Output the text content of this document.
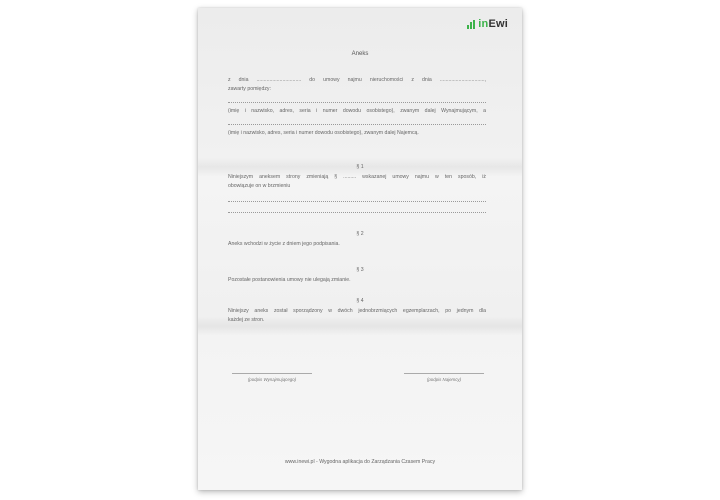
inEwi
Aneks
z dnia ............................... do umowy najmu nieruchomości z dnia ...............................,
zawarty pomiędzy:
(imię i nazwisko, adres, seria i numer dowodu osobistego), zwanym dalej Wynajmującym, a
(imię i nazwisko, adres, seria i numer dowodu osobistego), zwanym dalej Najemcą.
§ 1
Niniejszym aneksem strony zmieniają § ......... wskazanej umowy najmu w ten sposób, iż
obowiązuje on w brzmieniu
§ 2
Aneks wchodzi w życie z dniem jego podpisania.
§ 3
Pozostałe postanowienia umowy nie ulegają zmianie.
§ 4
Niniejszy aneks został sporządzony w dwóch jednobrzmiących egzemplarzach, po jednym dla
każdej ze stron.
(podpis Wynajmującego)	(podpis Najemcy)
www.inewi.pl - Wygodna aplikacja do Zarządzania Czasem Pracy
